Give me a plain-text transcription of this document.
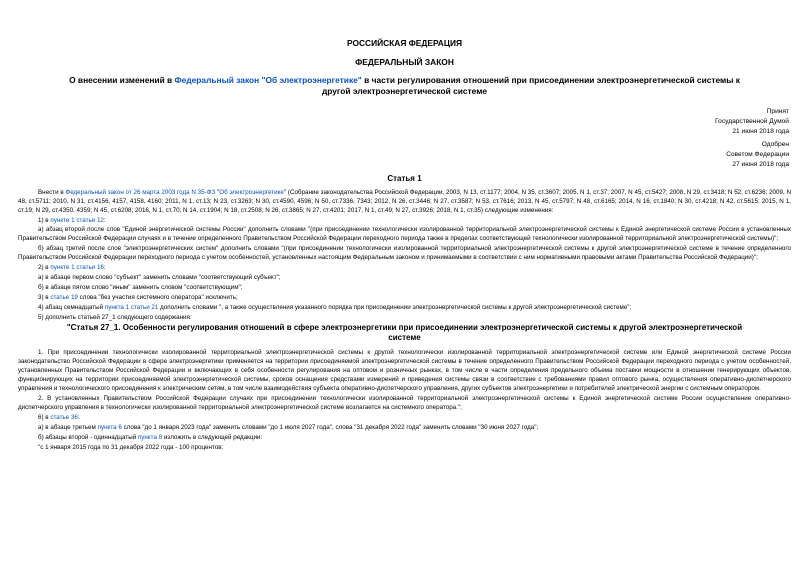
РОССИЙСКАЯ ФЕДЕРАЦИЯ
ФЕДЕРАЛЬНЫЙ ЗАКОН
О внесении изменений в Федеральный закон "Об электроэнергетике" в части регулирования отношений при присоединении электроэнергетической системы к другой электроэнергетической системе
Принят
Государственной Думой
21 июня 2018 года
Одобрен
Советом Федерации
27 июня 2018 года
Статья 1

Внести в Федеральный закон от 26 марта 2003 года N 35-ФЗ "Об электроэнергетике" (Собрание законодательства Российской Федерации, 2003, N 13, ст.1177; 2004, N 35, ст.3607; 2005, N 1, ст.37; 2007, N 45, ст.5427; 2008, N 29, ст.3418; N 52, ст.6236; 2009, N 48, ст.5711; 2010, N 31, ст.4156, 4157, 4158, 4160; 2011, N 1, ст.13; N 23, ст.3263; N 30, ст.4590, 4596; N 50, ст.7336, 7343; 2012, N 26, ст.3446; N 27, ст.3587; N 53, ст.7616; 2013, N 45, ст.5797; N 48, ст.6165; 2014, N 16, ст.1840; N 30, ст.4218; N 42, ст.5615; 2015, N 1, ст.19; N 29, ст.4350, 4359; N 45, ст.6208; 2016, N 1, ст.70; N 14, ст.1904; N 18, ст.2508; N 26, ст.3865; N 27, ст.4201; 2017, N 1, ст.49; N 27, ст.3926; 2018, N 1, ст.35) следующие изменения:

1) в пункте 1 статьи 12:

а) абзац второй после слов "Единой энергетической системы России" дополнить словами "(при присоединении технологически изолированной территориальной электроэнергетической системы к Единой энергетической системе России в установленных Правительством Российской Федерации случаях и в течение определенного Правительством Российской Федерации переходного периода также в пределах соответствующей технологически изолированной территориальной электроэнергетической системы)";

б) абзац третий после слов "электроэнергетических систем" дополнить словами "(при присоединении технологически изолированной территориальной электроэнергетической системы к другой электроэнергетической системе в течение определенного Правительством Российской Федерации переходного периода с учетом особенностей, установленных настоящим Федеральным законом и принимаемыми в соответствии с ним нормативными правовыми актами Правительства Российской Федерации)";

2) в пункте 1 статьи 16:

а) в абзаце первом слово "субъект" заменить словами "соответствующий субъект";

б) в абзаце пятом слово "иным" заменить словом "соответствующим";

3) в статье 19 слова "без участия системного оператора" исключить;

4) абзац семнадцатый пункта 1 статьи 21 дополнить словами ", а также осуществления указанного порядка при присоединении электроэнергетической системы к другой электроэнергетической системе";

5) дополнить статьей 27_1 следующего содержания:

"Статья 27_1. Особенности регулирования отношений в сфере электроэнергетики при присоединении электроэнергетической системы к другой электроэнергетической системе

1. При присоединении технологически изолированной территориальной электроэнергетической системы к другой технологически изолированной территориальной электроэнергетической системе или Единой энергетической системе России законодательство Российской Федерации в сфере электроэнергетики применяется на территории присоединяемой электроэнергетической системы в течение определенного Правительством Российской Федерации переходного периода с учетом особенностей, установленных Правительством Российской Федерации и включающих в себя особенности регулирования на оптовом и розничных рынках, в том числе в части определения предельного объема поставки мощности в отношении генерирующих объектов, функционирующих на территории присоединяемой электроэнергетической системы, сроков оснащения средствами измерений и приведения системы связи в соответствие с требованиями правил оптового рынка, осуществления оперативно-диспетчерского управления и технологического присоединения к электрическим сетям, в том числе взаимодействия субъекта оперативно-диспетчерского управления, других субъектов электроэнергетики и потребителей электрической энергии с системным оператором.

2. В установленных Правительством Российской Федерации случаях при присоединении технологически изолированной территориальной электроэнергетической системы к Единой энергетической системе России осуществление оперативно-диспетчерского управления в технологически изолированной территориальной электроэнергетической системе возлагается на системного оператора.";

6) в статье 36:

а) в абзаце третьем пункта 6 слова "до 1 января 2023 года" заменить словами "до 1 июля 2027 года", слова "31 декабря 2022 года" заменить словами "30 июня 2027 года";

б) абзацы второй - одиннадцатый пункта 8 изложить в следующей редакции:

"с 1 января 2015 года по 31 декабря 2022 года - 100 процентов;
